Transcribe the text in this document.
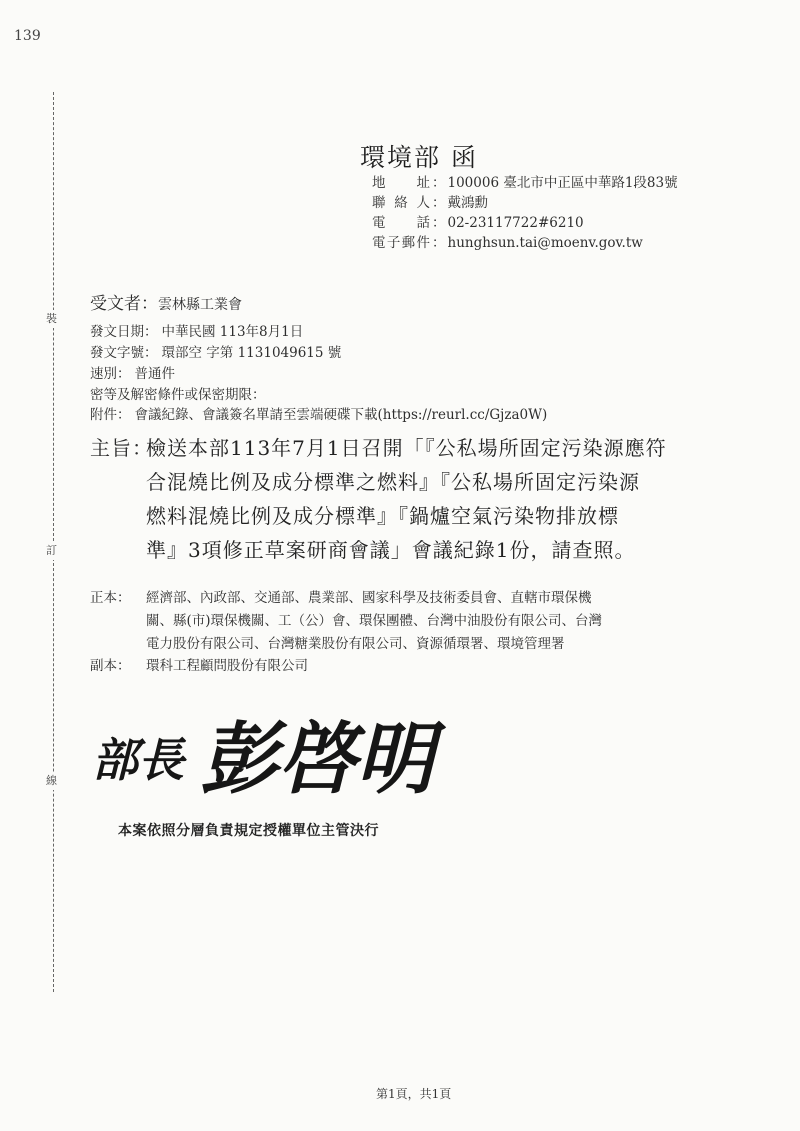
139
裝
訂
線
環境部 函
地　址 ： 100006 臺北市中正區中華路1段83號
聯 絡 人 ： 戴鴻勳
電　話 ： 02-23117722#6210
電子郵件 ： hunghsun.tai@moenv.gov.tw
受文者：雲林縣工業會
發文日期： 中華民國 113年8月1日
發文字號： 環部空 字第 1131049615 號
速別： 普通件
密等及解密條件或保密期限：
附件： 會議紀錄、會議簽名單請至雲端硬碟下載(https://reurl.cc/Gjza0W)
主旨：
檢送本部113年7月1日召開「『公私場所固定污染源應符
合混燒比例及成分標準之燃料』『公私場所固定污染源
燃料混燒比例及成分標準』『鍋爐空氣污染物排放標
準』3項修正草案研商會議」會議紀錄1份，請查照。
正本： 經濟部、內政部、交通部、農業部、國家科學及技術委員會、直轄市環保機
關、縣(市)環保機關、工（公）會、環保團體、台灣中油股份有限公司、台灣
電力股份有限公司、台灣糖業股份有限公司、資源循環署、環境管理署
副本： 環科工程顧問股份有限公司
部長 彭啓明
本案依照分層負責規定授權單位主管決行
第1頁，共1頁
